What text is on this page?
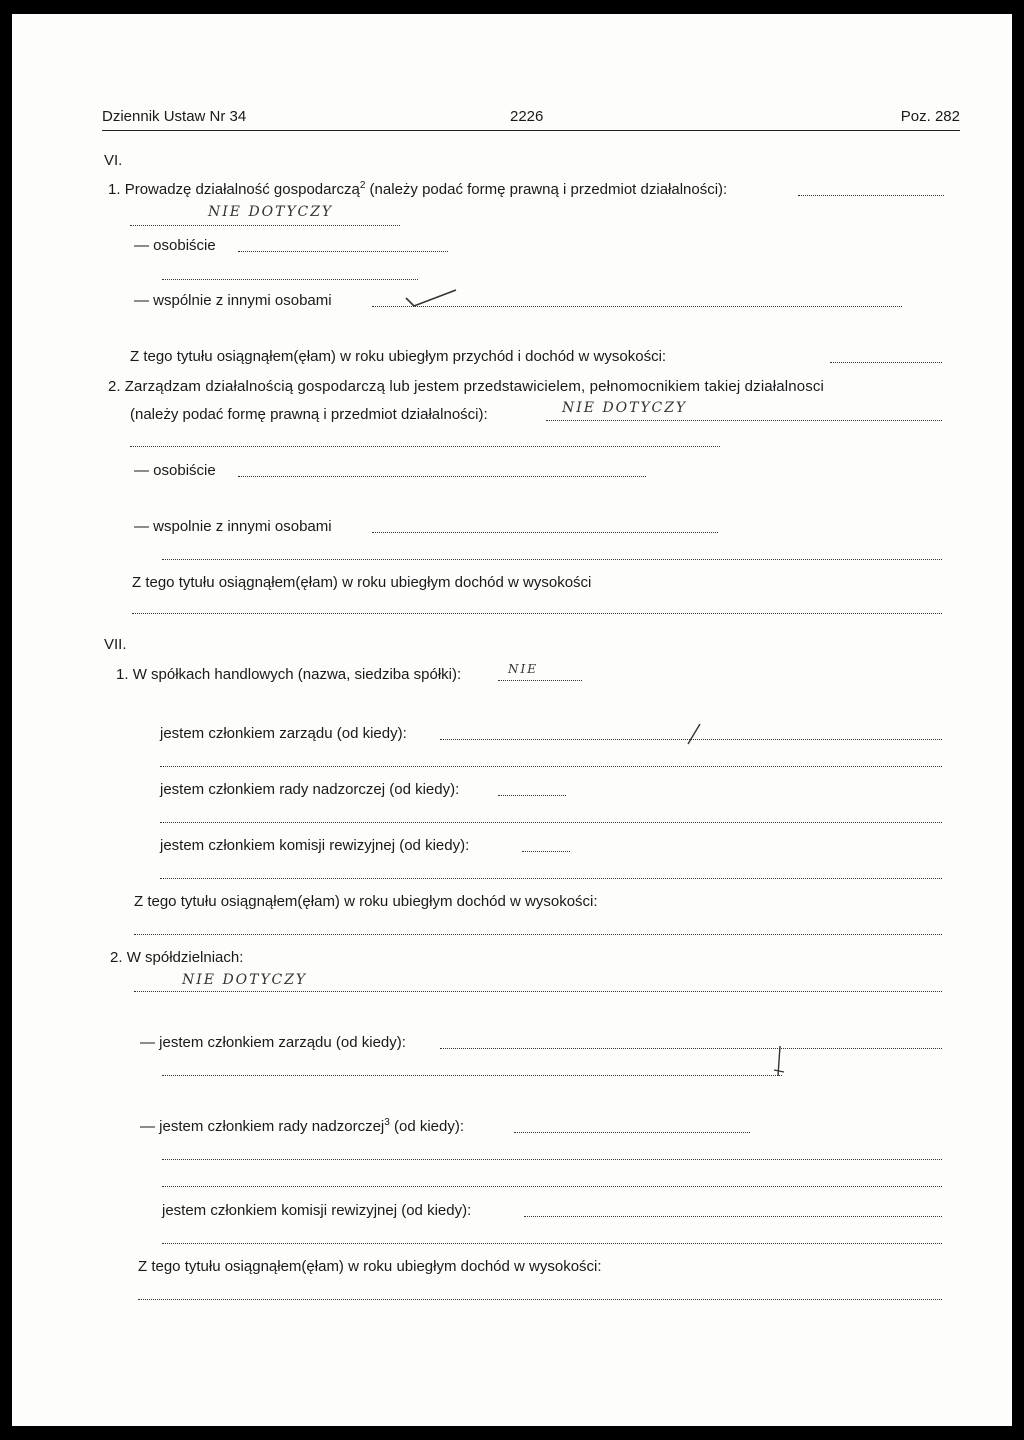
Dziennik Ustaw Nr 34	2226	Poz. 282
VI.
1. Prowadzę działalność gospodarczą$^2$ (należy podać formę prawną i przedmiot działalności):
NIE DOTYCZY
— osobiście
— wspólnie z innymi osobami
Z tego tytułu osiągnąłem(ęłam) w roku ubiegłym przychód i dochód w wysokości:
2. Zarządzam działalnością gospodarczą lub jestem przedstawicielem, pełnomocnikiem takiej działalnosci
(należy podać formę prawną i przedmiot działalności):	NIE DOTYCZY
— osobiście
— wspolnie z innymi osobami
Z tego tytułu osiągnąłem(ęłam) w roku ubiegłym dochód w wysokości
VII.
1. W spółkach handlowych (nazwa, siedziba spółki):	NIE
jestem członkiem zarządu (od kiedy):
jestem członkiem rady nadzorczej (od kiedy):
jestem członkiem komisji rewizyjnej (od kiedy):
Z tego tytułu osiągnąłem(ęłam) w roku ubiegłym dochód w wysokości:
2. W spółdzielniach:
NIE DOTYCZY
— jestem członkiem zarządu (od kiedy):
— jestem członkiem rady nadzorczej$^3$ (od kiedy):
jestem członkiem komisji rewizyjnej (od kiedy):
Z tego tytułu osiągnąłem(ęłam) w roku ubiegłym dochód w wysokości:
